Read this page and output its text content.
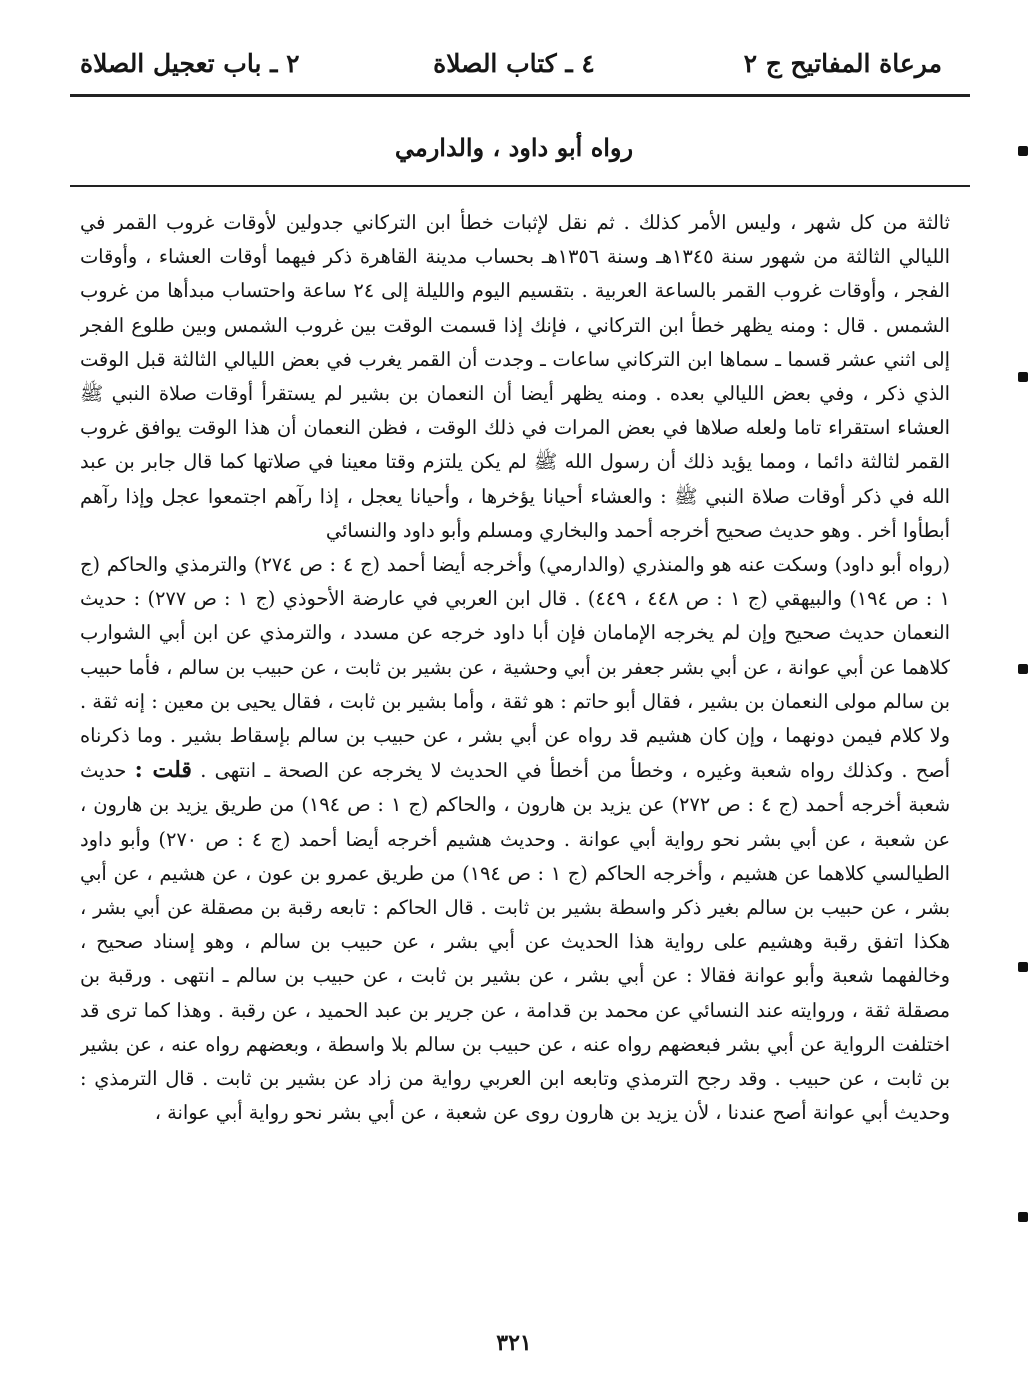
مرعاة المفاتيح ج ٢
٤ ـ كتاب الصلاة
٢ ـ باب تعجيل الصلاة
رواه أبو داود ، والدارمي

ثالثة من كل شهر ، وليس الأمر كذلك . ثم نقل لإثبات خطأ ابن التركاني جدولين لأوقات غروب القمر في الليالي الثالثة من شهور سنة ١٣٤٥هـ وسنة ١٣٥٦هـ بحساب مدينة القاهرة ذكر فيهما أوقات العشاء ، وأوقات الفجر ، وأوقات غروب القمر بالساعة العربية . بتقسيم اليوم والليلة إلى ٢٤ ساعة واحتساب مبدأها من غروب الشمس . قال : ومنه يظهر خطأ ابن التركاني ، فإنك إذا قسمت الوقت بين غروب الشمس وبين طلوع الفجر إلى اثني عشر قسما ـ سماها ابن التركاني ساعات ـ وجدت أن القمر يغرب في بعض الليالي الثالثة قبل الوقت الذي ذكر ، وفي بعض الليالي بعده . ومنه يظهر أيضا أن النعمان بن بشير لم يستقرأ أوقات صلاة النبي ﷺ العشاء استقراء تاما ولعله صلاها في بعض المرات في ذلك الوقت ، فظن النعمان أن هذا الوقت يوافق غروب القمر لثالثة دائما ، ومما يؤيد ذلك أن رسول الله ﷺ لم يكن يلتزم وقتا معينا في صلاتها كما قال جابر بن عبد الله في ذكر أوقات صلاة النبي ﷺ : والعشاء أحيانا يؤخرها ، وأحيانا يعجل ، إذا رآهم اجتمعوا عجل وإذا رآهم أبطأوا أخر . وهو حديث صحيح أخرجه أحمد والبخاري ومسلم وأبو داود والنسائي

(رواه أبو داود) وسكت عنه هو والمنذري (والدارمي) وأخرجه أيضا أحمد (ج ٤ : ص ٢٧٤) والترمذي والحاكم (ج ١ : ص ١٩٤) والبيهقي (ج ١ : ص ٤٤٨ ، ٤٤٩) . قال ابن العربي في عارضة الأحوذي (ج ١ : ص ٢٧٧) : حديث النعمان حديث صحيح وإن لم يخرجه الإمامان فإن أبا داود خرجه عن مسدد ، والترمذي عن ابن أبي الشوارب كلاهما عن أبي عوانة ، عن أبي بشر جعفر بن أبي وحشية ، عن بشير بن ثابت ، عن حبيب بن سالم ، فأما حبيب بن سالم مولى النعمان بن بشير ، فقال أبو حاتم : هو ثقة ، وأما بشير بن ثابت ، فقال يحيى بن معين : إنه ثقة . ولا كلام فيمن دونهما ، وإن كان هشيم قد رواه عن أبي بشر ، عن حبيب بن سالم بإسقاط بشير . وما ذكرناه أصح . وكذلك رواه شعبة وغيره ، وخطأ من أخطأ في الحديث لا يخرجه عن الصحة ـ انتهى . قلت : حديث شعبة أخرجه أحمد (ج ٤ : ص ٢٧٢) عن يزيد بن هارون ، والحاكم (ج ١ : ص ١٩٤) من طريق يزيد بن هارون ، عن شعبة ، عن أبي بشر نحو رواية أبي عوانة . وحديث هشيم أخرجه أيضا أحمد (ج ٤ : ص ٢٧٠) وأبو داود الطيالسي كلاهما عن هشيم ، وأخرجه الحاكم (ج ١ : ص ١٩٤) من طريق عمرو بن عون ، عن هشيم ، عن أبي بشر ، عن حبيب بن سالم بغير ذكر واسطة بشير بن ثابت . قال الحاكم : تابعه رقبة بن مصقلة عن أبي بشر ، هكذا اتفق رقبة وهشيم على رواية هذا الحديث عن أبي بشر ، عن حبيب بن سالم ، وهو إسناد صحيح ، وخالفهما شعبة وأبو عوانة فقالا : عن أبي بشر ، عن بشير بن ثابت ، عن حبيب بن سالم ـ انتهى . ورقبة بن مصقلة ثقة ، وروايته عند النسائي عن محمد بن قدامة ، عن جرير بن عبد الحميد ، عن رقبة . وهذا كما ترى قد اختلفت الرواية عن أبي بشر فبعضهم رواه عنه ، عن حبيب بن سالم بلا واسطة ، وبعضهم رواه عنه ، عن بشير بن ثابت ، عن حبيب . وقد رجح الترمذي وتابعه ابن العربي رواية من زاد عن بشير بن ثابت . قال الترمذي : وحديث أبي عوانة أصح عندنا ، لأن يزيد بن هارون روى عن شعبة ، عن أبي بشر نحو رواية أبي عوانة ،

٣٢١
